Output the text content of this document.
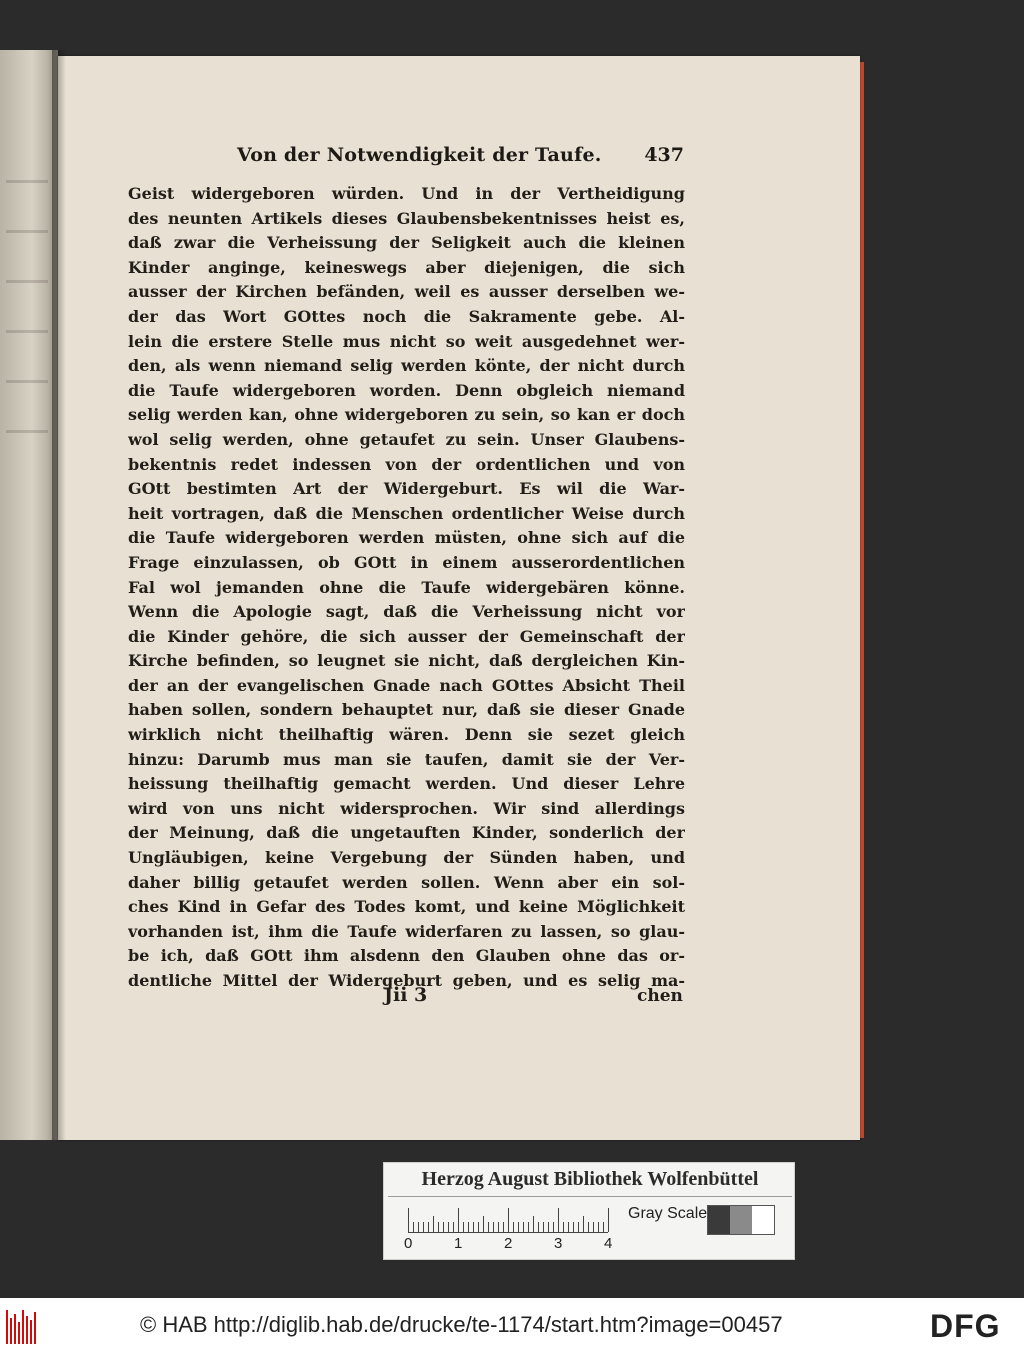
Von der Notwendigkeit der Taufe. 437
Geist widergeboren würden. Und in der Vertheidigung
des neunten Artikels dieses Glaubensbekentnisses heist es,
daß zwar die Verheissung der Seligkeit auch die kleinen
Kinder anginge, keineswegs aber diejenigen, die sich
ausser der Kirchen befänden, weil es ausser derselben we-
der das Wort GOttes noch die Sakramente gebe. Al-
lein die erstere Stelle mus nicht so weit ausgedehnet wer-
den, als wenn niemand selig werden könte, der nicht durch
die Taufe widergeboren worden. Denn obgleich niemand
selig werden kan, ohne widergeboren zu sein, so kan er doch
wol selig werden, ohne getaufet zu sein. Unser Glaubens-
bekentnis redet indessen von der ordentlichen und von
GOtt bestimten Art der Widergeburt. Es wil die War-
heit vortragen, daß die Menschen ordentlicher Weise durch
die Taufe widergeboren werden müsten, ohne sich auf die
Frage einzulassen, ob GOtt in einem ausserordentlichen
Fal wol jemanden ohne die Taufe widergebären könne.
Wenn die Apologie sagt, daß die Verheissung nicht vor
die Kinder gehöre, die sich ausser der Gemeinschaft der
Kirche befinden, so leugnet sie nicht, daß dergleichen Kin-
der an der evangelischen Gnade nach GOttes Absicht Theil
haben sollen, sondern behauptet nur, daß sie dieser Gnade
wirklich nicht theilhaftig wären. Denn sie sezet gleich
hinzu: Darumb mus man sie taufen, damit sie der Ver-
heissung theilhaftig gemacht werden. Und dieser Lehre
wird von uns nicht widersprochen. Wir sind allerdings
der Meinung, daß die ungetauften Kinder, sonderlich der
Ungläubigen, keine Vergebung der Sünden haben, und
daher billig getaufet werden sollen. Wenn aber ein sol-
ches Kind in Gefar des Todes komt, und keine Möglichkeit
vorhanden ist, ihm die Taufe widerfaren zu lassen, so glau-
be ich, daß GOtt ihm alsdenn den Glauben ohne das or-
dentliche Mittel der Widergeburt geben, und es selig ma-
Jii 3	chen
Herzog August Bibliothek Wolfenbüttel
0	1	2	3	4
Gray Scale
© HAB http://diglib.hab.de/drucke/te-1174/start.htm?image=00457	DFG
